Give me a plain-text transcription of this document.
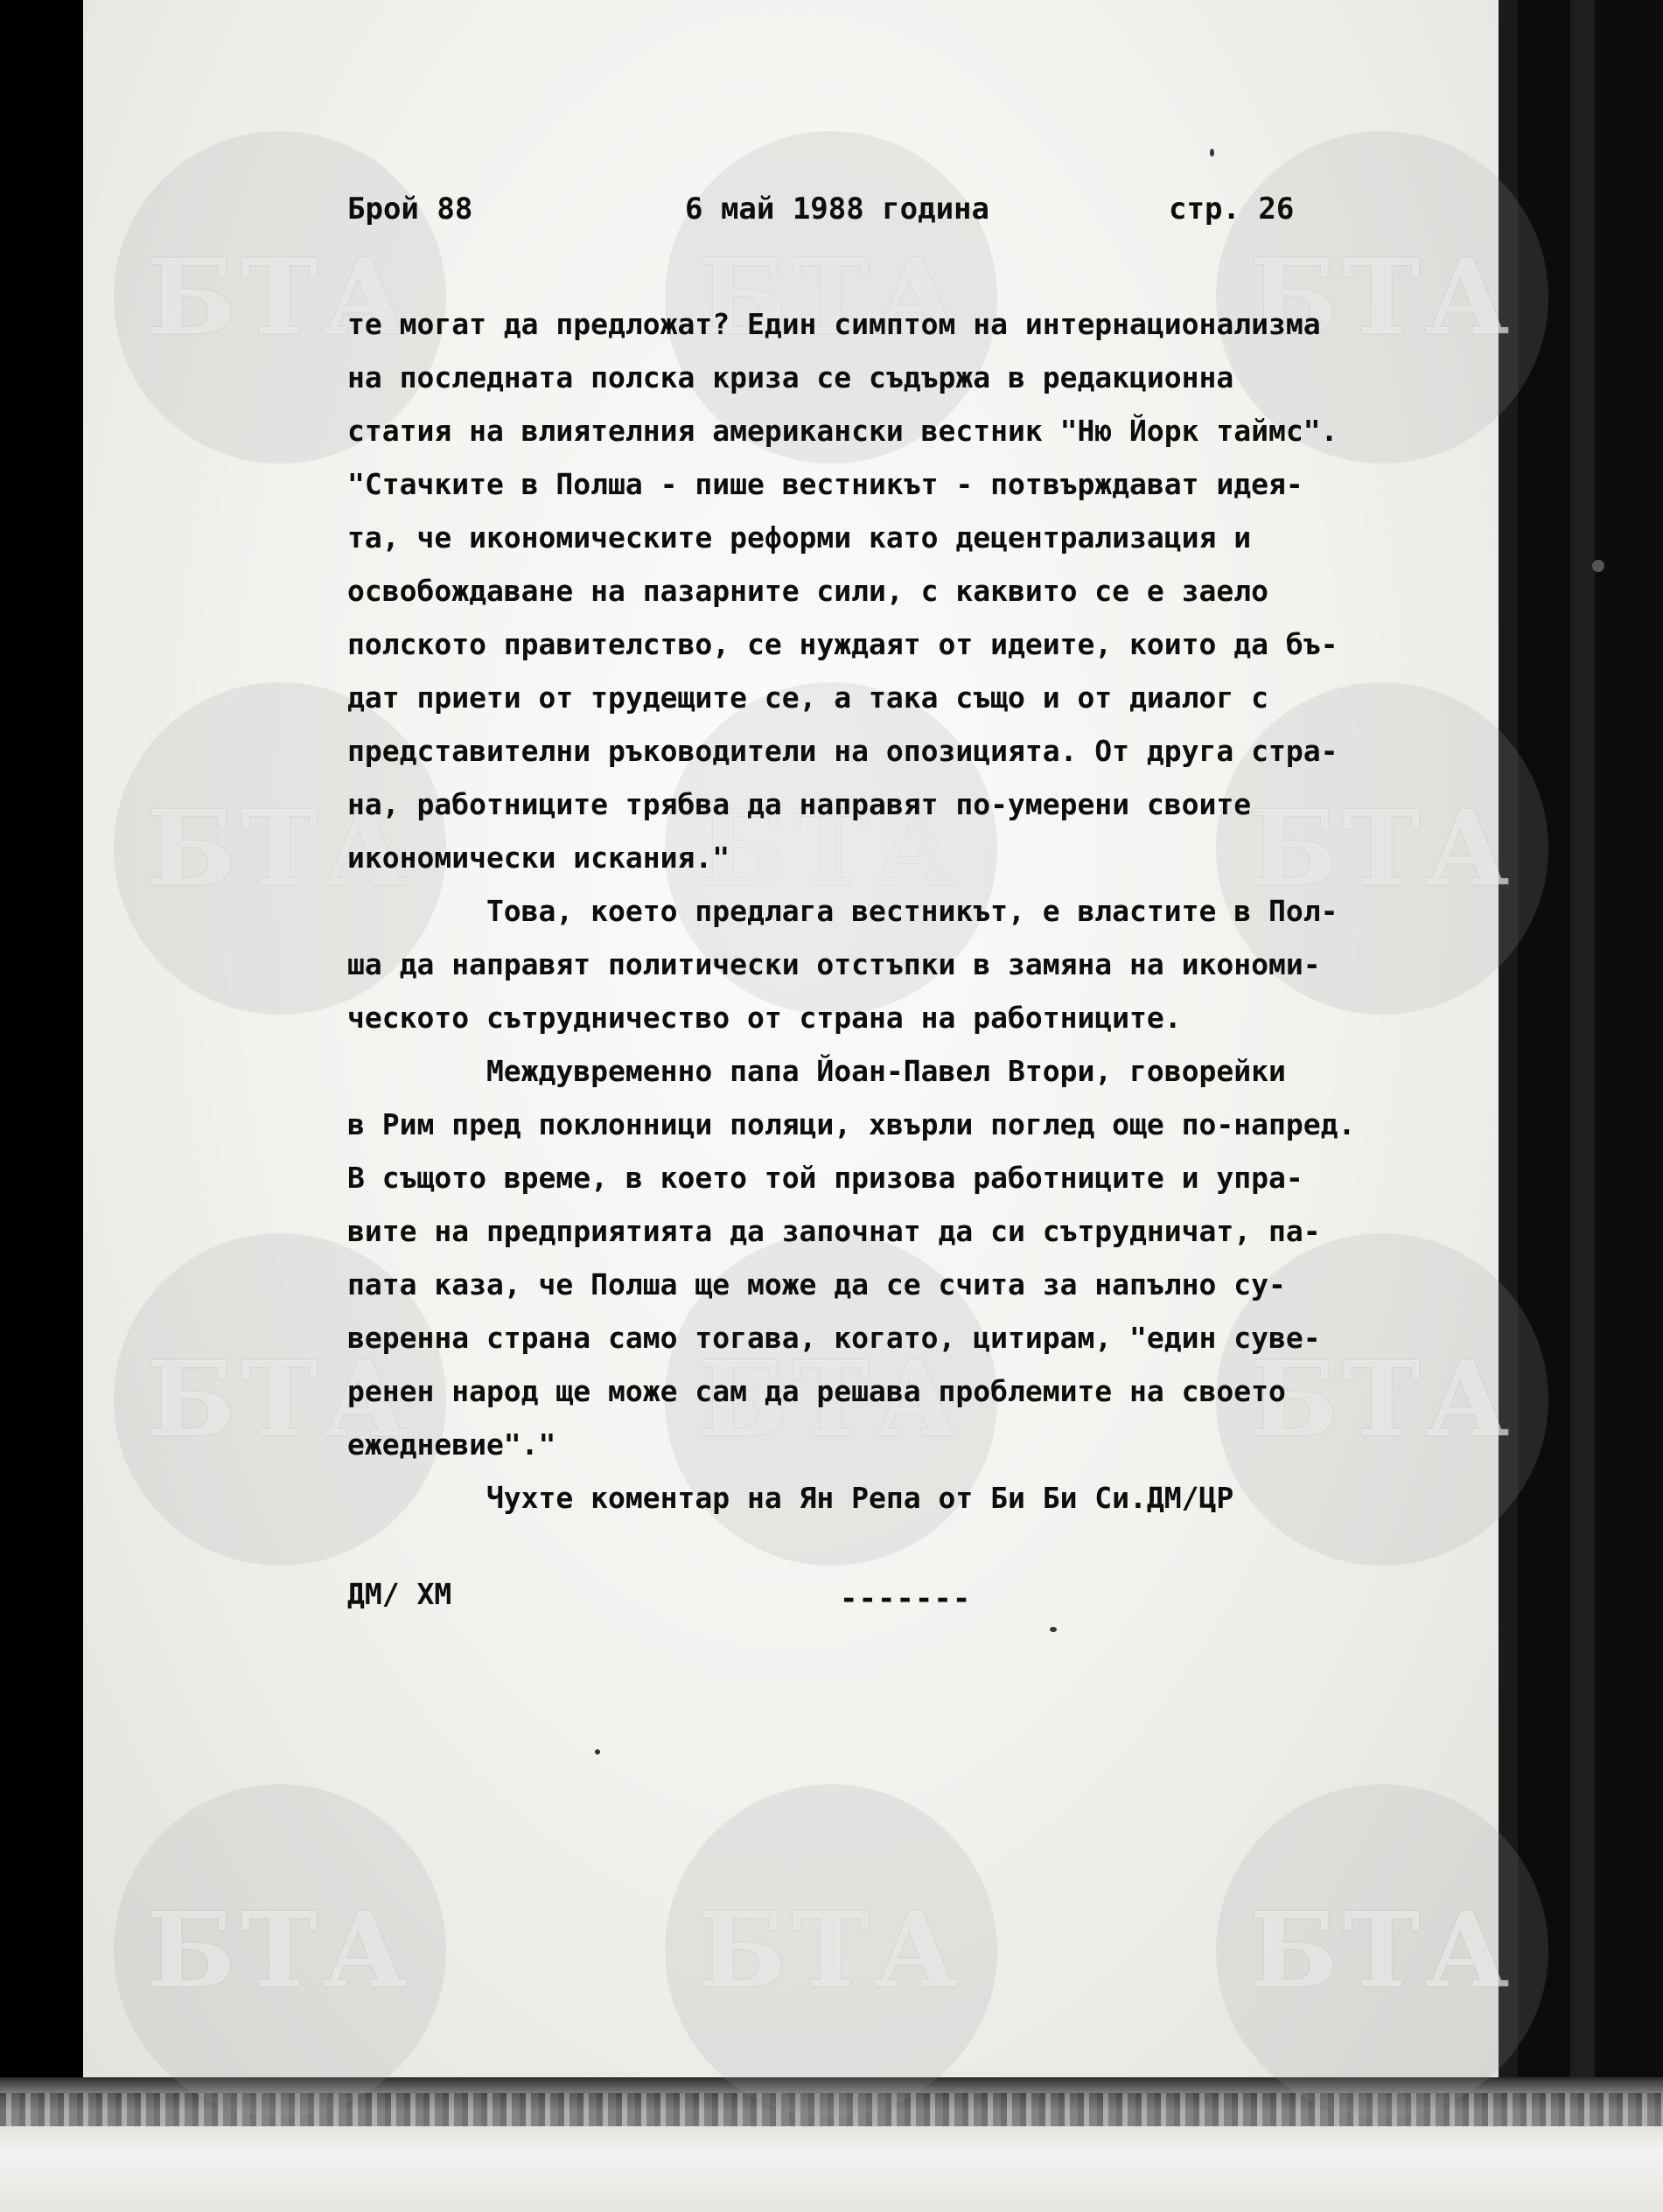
БТА	БТА	БТА
БТА	БТА	БТА
БТА	БТА	БТА
БТА	БТА	БТА
Брой 88	6 май 1988 година	стр. 26
те могат да предложат? Един симптом на интернационализма
на последната полска криза се съдържа в редакционна
статия на влиятелния американски вестник "Ню Йорк таймс".
"Стачките в Полша - пише вестникът - потвърждават идея-
та, че икономическите реформи като децентрализация и
освобождаване на пазарните сили, с каквито се е заело
полското правителство, се нуждаят от идеите, които да бъ-
дат приети от трудещите се, а така също и от диалог с
представителни ръководители на опозицията. От друга стра-
на, работниците трябва да направят по-умерени своите
икономически искания."
Това, което предлага вестникът, е властите в Пол-
ша да направят политически отстъпки в замяна на икономи-
ческото сътрудничество от страна на работниците.
Междувременно папа Йоан-Павел Втори, говорейки
в Рим пред поклонници поляци, хвърли поглед още по-напред.
В същото време, в което той призова работниците и упра-
вите на предприятията да започнат да си сътрудничат, па-
пата каза, че Полша ще може да се счита за напълно су-
веренна страна само тогава, когато, цитирам, "един суве-
ренен народ ще може сам да решава проблемите на своето
ежедневие"."
Чухте коментар на Ян Репа от Би Би Си.ДМ/ЦР
ДМ/ ХМ	-------
